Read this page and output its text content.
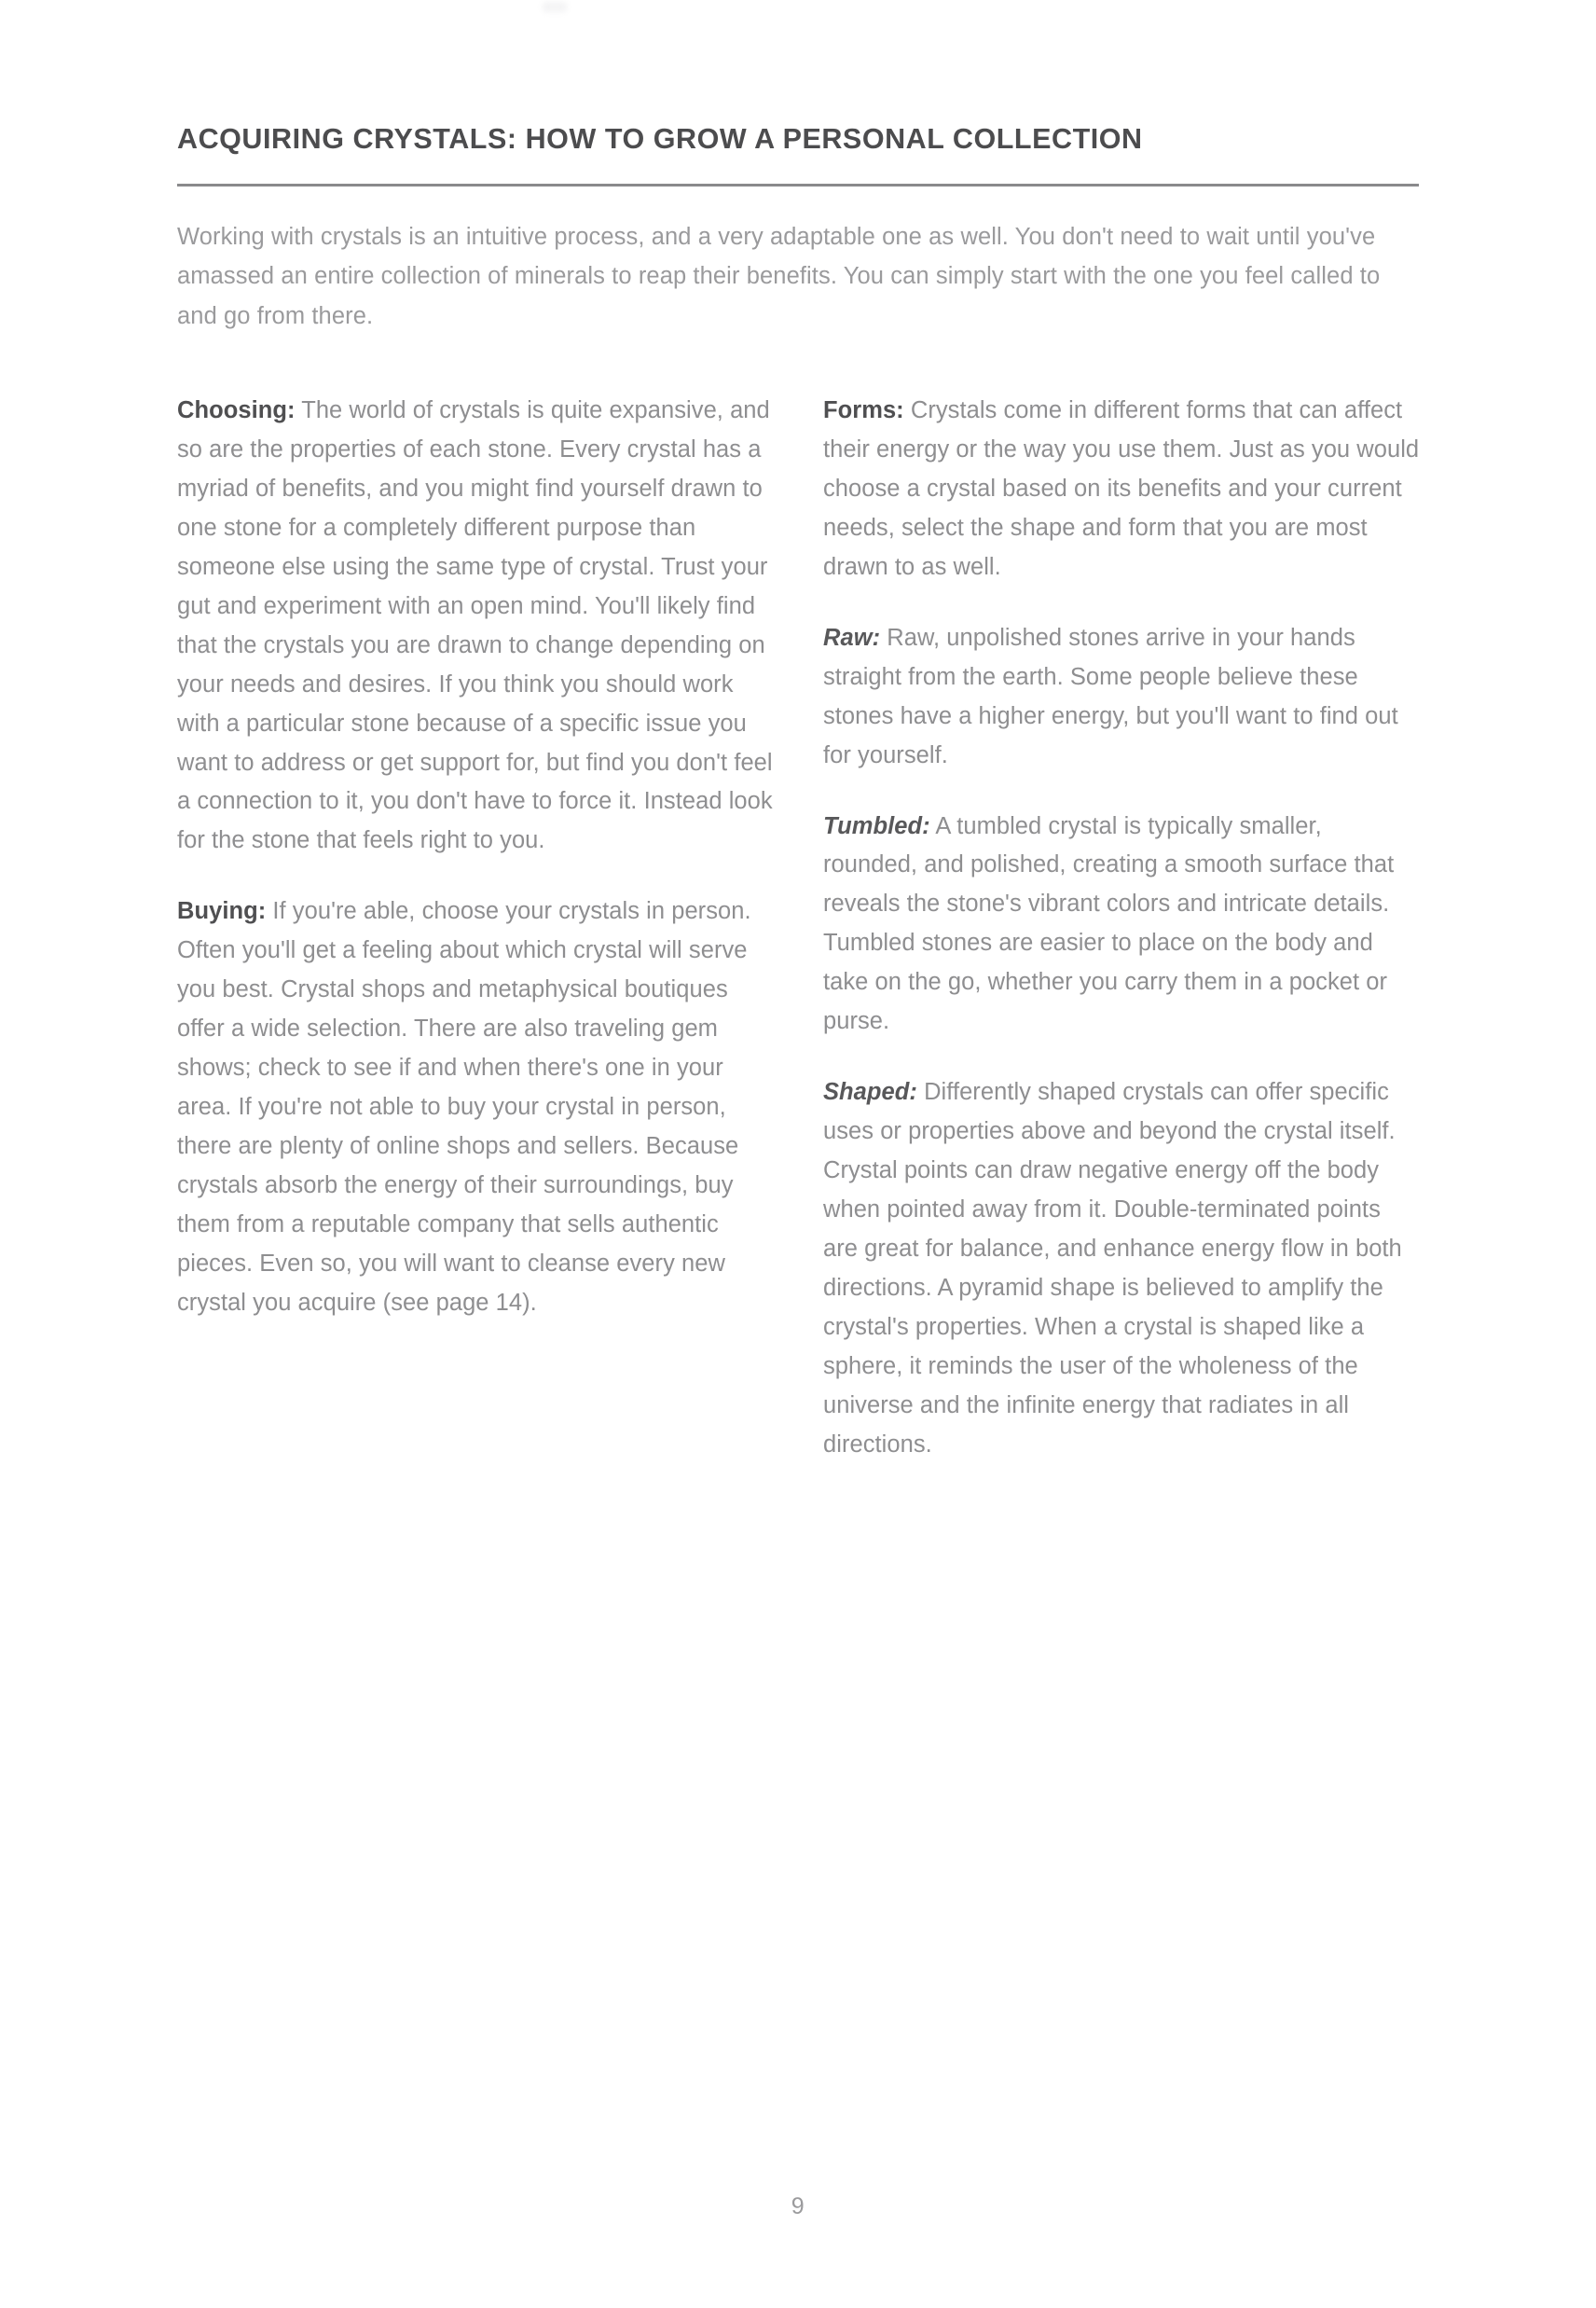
ACQUIRING CRYSTALS: HOW TO GROW A PERSONAL COLLECTION

Working with crystals is an intuitive process, and a very adaptable one as well. You don't need to wait until you've amassed an entire collection of minerals to reap their benefits. You can simply start with the one you feel called to and go from there.

Choosing: The world of crystals is quite expansive, and so are the properties of each stone. Every crystal has a myriad of benefits, and you might find yourself drawn to one stone for a completely different purpose than someone else using the same type of crystal. Trust your gut and experiment with an open mind. You'll likely find that the crystals you are drawn to change depending on your needs and desires. If you think you should work with a particular stone because of a specific issue you want to address or get support for, but find you don't feel a connection to it, you don't have to force it. Instead look for the stone that feels right to you.

Buying: If you're able, choose your crystals in person. Often you'll get a feeling about which crystal will serve you best. Crystal shops and metaphysical boutiques offer a wide selection. There are also traveling gem shows; check to see if and when there's one in your area. If you're not able to buy your crystal in person, there are plenty of online shops and sellers. Because crystals absorb the energy of their surroundings, buy them from a reputable company that sells authentic pieces. Even so, you will want to cleanse every new crystal you acquire (see page 14).

Forms: Crystals come in different forms that can affect their energy or the way you use them. Just as you would choose a crystal based on its benefits and your current needs, select the shape and form that you are most drawn to as well.

Raw: Raw, unpolished stones arrive in your hands straight from the earth. Some people believe these stones have a higher energy, but you'll want to find out for yourself.

Tumbled: A tumbled crystal is typically smaller, rounded, and polished, creating a smooth surface that reveals the stone's vibrant colors and intricate details. Tumbled stones are easier to place on the body and take on the go, whether you carry them in a pocket or purse.

Shaped: Differently shaped crystals can offer specific uses or properties above and beyond the crystal itself. Crystal points can draw negative energy off the body when pointed away from it. Double-terminated points are great for balance, and enhance energy flow in both directions. A pyramid shape is believed to amplify the crystal's properties. When a crystal is shaped like a sphere, it reminds the user of the wholeness of the universe and the infinite energy that radiates in all directions.

9
